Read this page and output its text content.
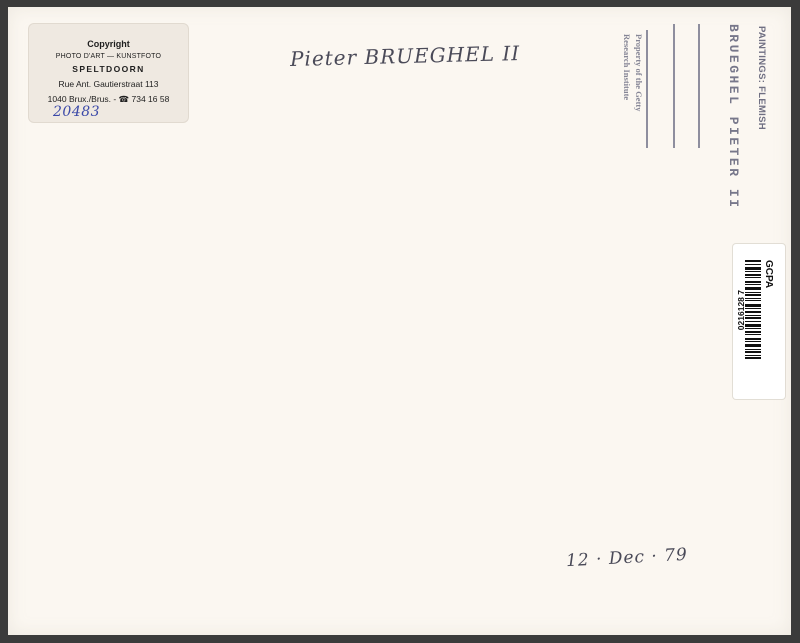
Copyright
PHOTO D'ART — KUNSTFOTO
SPELTDOORN
Rue Ant. Gautierstraat 113
1040 Brux./Brus. - ☎ 734 16 58
20483
Pieter BRUEGHEL II
12 · Dec · 79
PAINTINGS: FLEMISH
BRUEGHEL PIETER II
Property of the Getty
Research Institute
GCPA
0216128 7
